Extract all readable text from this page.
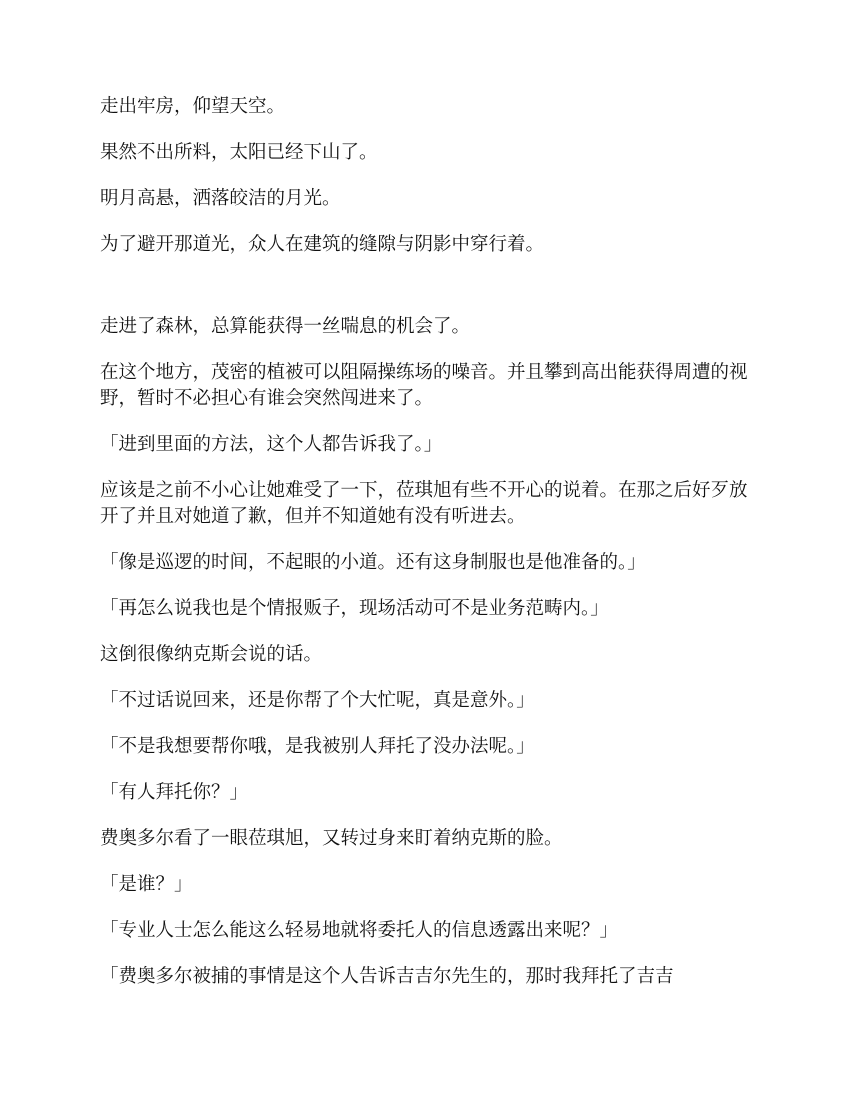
走出牢房，仰望天空。

果然不出所料，太阳已经下山了。

明月高悬，洒落皎洁的月光。

为了避开那道光，众人在建筑的缝隙与阴影中穿行着。

走进了森林，总算能获得一丝喘息的机会了。

在这个地方，茂密的植被可以阻隔操练场的噪音。并且攀到高出能获得周遭的视野，暂时不必担心有谁会突然闯进来了。

「进到里面的方法，这个人都告诉我了。」

应该是之前不小心让她难受了一下，莅琪旭有些不开心的说着。在那之后好歹放开了并且对她道了歉，但并不知道她有没有听进去。

「像是巡逻的时间，不起眼的小道。还有这身制服也是他准备的。」

「再怎么说我也是个情报贩子，现场活动可不是业务范畴内。」

这倒很像纳克斯会说的话。

「不过话说回来，还是你帮了个大忙呢，真是意外。」

「不是我想要帮你哦，是我被别人拜托了没办法呢。」

「有人拜托你？」

费奥多尔看了一眼莅琪旭，又转过身来盯着纳克斯的脸。

「是谁？」

「专业人士怎么能这么轻易地就将委托人的信息透露出来呢？」

「费奥多尔被捕的事情是这个人告诉吉吉尔先生的，那时我拜托了吉吉
